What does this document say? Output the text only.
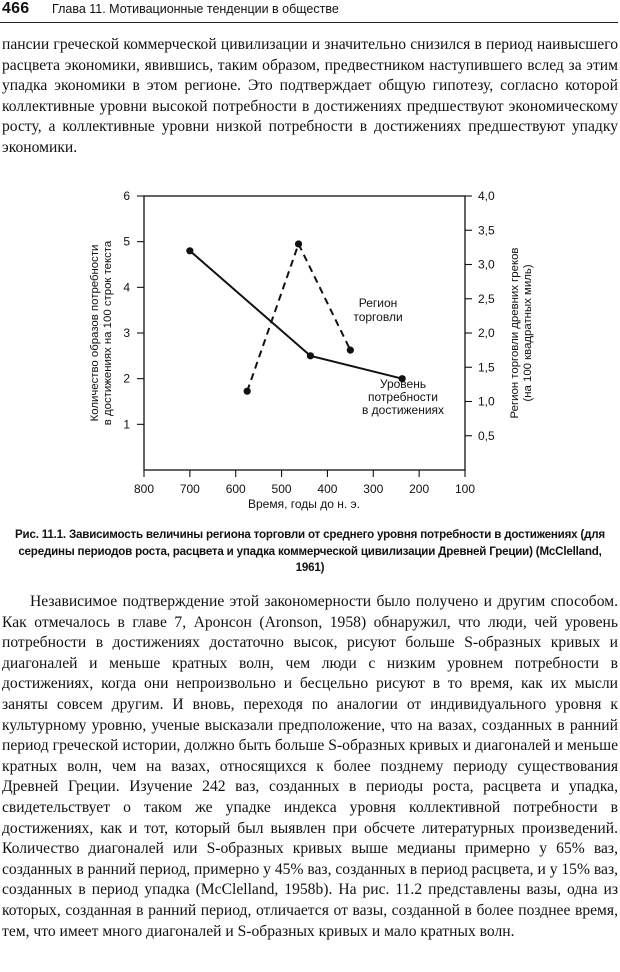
466 Глава 11. Мотивационные тенденции в обществе

пансии греческой коммерческой цивилизации и значительно снизился в период наивысшего расцвета экономики, явившись, таким образом, предвестником наступившего вслед за этим упадка экономики в этом регионе. Это подтверждает общую гипотезу, согласно которой коллективные уровни высокой потребности в достижениях предшествуют экономическому росту, а коллективные уровни низкой потребности в достижениях предшествуют упадку экономики.

800 700 600 500 400 300 200 100
1
2
3
4
5
6
0,5
1,0
1,5
2,0
2,5
3,0
3,5
4,0
Время, годы до н. э.
Количество образов потребности в достижениях на 100 строк текста	Регион торговли древних греков (на 100 квадратных миль)
Регион
торговли
Уровень
потребности
в достижениях

Рис. 11.1. Зависимость величины региона торговли от среднего уровня потребности в достижениях (для середины периодов роста, расцвета и упадка коммерческой цивилизации Древней Греции) (McClelland, 1961)

Независимое подтверждение этой закономерности было получено и другим способом. Как отмечалось в главе 7, Аронсон (Aronson, 1958) обнаружил, что люди, чей уровень потребности в достижениях достаточно высок, рисуют больше S-образных кривых и диагоналей и меньше кратных волн, чем люди с низким уровнем потребности в достижениях, когда они непроизвольно и бесцельно рисуют в то время, как их мысли заняты совсем другим. И вновь, переходя по аналогии от индивидуального уровня к культурному уровню, ученые высказали предположение, что на вазах, созданных в ранний период греческой истории, должно быть больше S-образных кривых и диагоналей и меньше кратных волн, чем на вазах, относящихся к более позднему периоду существования Древней Греции. Изучение 242 ваз, созданных в периоды роста, расцвета и упадка, свидетельствует о таком же упадке индекса уровня коллективной потребности в достижениях, как и тот, который был выявлен при обсчете литературных произведений. Количество диагоналей или S-образных кривых выше медианы примерно у 65% ваз, созданных в ранний период, примерно у 45% ваз, созданных в период расцвета, и у 15% ваз, созданных в период упадка (McClelland, 1958b). На рис. 11.2 представлены вазы, одна из которых, созданная в ранний период, отличается от вазы, созданной в более позднее время, тем, что имеет много диагоналей и S-образных кривых и мало кратных волн.
